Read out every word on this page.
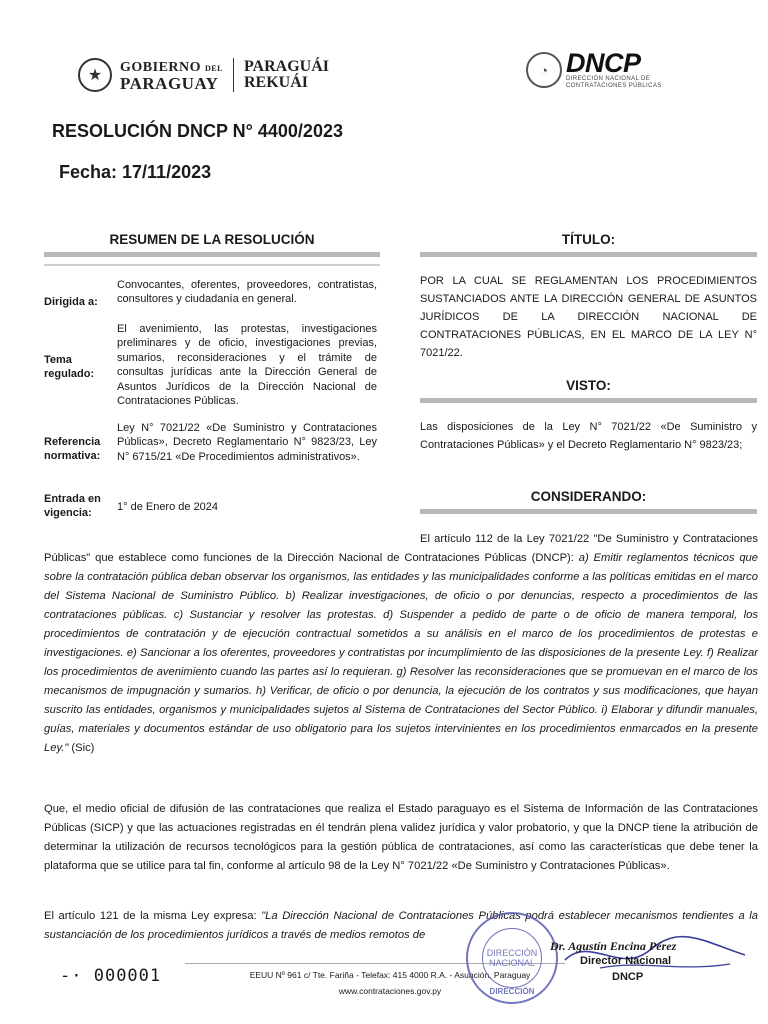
★	GOBIERNO DEL
PARAGUAY
PARAGUÁI
REKUÁI
◔ DNCP
DIRECCIÓN NACIONAL DE
CONTRATACIONES PÚBLICAS
RESOLUCIÓN DNCP N° 4400/2023
Fecha: 17/11/2023
RESUMEN DE LA RESOLUCIÓN
Dirigida a:
Convocantes, oferentes, proveedores, contratistas, consultores y ciudadanía en general.
Tema regulado:
El avenimiento, las protestas, investigaciones preliminares y de oficio, investigaciones previas, sumarios, reconsideraciones y el trámite de consultas jurídicas ante la Dirección General de Asuntos Jurídicos de la Dirección Nacional de Contrataciones Públicas.
Referencia normativa:
Ley N° 7021/22 «De Suministro y Contrataciones Públicas», Decreto Reglamentario N° 9823/23, Ley N° 6715/21 «De Procedimientos administrativos».
Entrada en vigencia:	1° de Enero de 2024
TÍTULO:
POR LA CUAL SE REGLAMENTAN LOS PROCEDIMIENTOS SUSTANCIADOS ANTE LA DIRECCIÓN GENERAL DE ASUNTOS JURÍDICOS DE LA DIRECCIÓN NACIONAL DE CONTRATACIONES PÚBLICAS, EN EL MARCO DE LA LEY N° 7021/22.
VISTO:
Las disposiciones de la Ley N° 7021/22 «De Suministro y Contrataciones Públicas» y el Decreto Reglamentario N° 9823/23;
CONSIDERANDO:
El artículo 112 de la Ley 7021/22 "De Suministro y Contrataciones Públicas" que establece como funciones de la Dirección Nacional de Contrataciones Públicas (DNCP): a) Emitir reglamentos técnicos que sobre la contratación pública deban observar los organismos, las entidades y las municipalidades conforme a las políticas emitidas en el marco del Sistema Nacional de Suministro Público. b) Realizar investigaciones, de oficio o por denuncias, respecto a procedimientos de las contrataciones públicas. c) Sustanciar y resolver las protestas. d) Suspender a pedido de parte o de oficio de manera temporal, los procedimientos de contratación y de ejecución contractual sometidos a su análisis en el marco de los procedimientos de protestas e investigaciones. e) Sancionar a los oferentes, proveedores y contratistas por incumplimiento de las disposiciones de la presente Ley. f) Realizar los procedimientos de avenimiento cuando las partes así lo requieran. g) Resolver las reconsideraciones que se promuevan en el marco de los mecanismos de impugnación y sumarios. h) Verificar, de oficio o por denuncia, la ejecución de los contratos y sus modificaciones, que hayan suscrito las entidades, organismos y municipalidades sujetos al Sistema de Contrataciones del Sector Público. i) Elaborar y difundir manuales, guías, materiales y documentos estándar de uso obligatorio para los sujetos intervinientes en los procedimientos enmarcados en la presente Ley." (Sic)
Que, el medio oficial de difusión de las contrataciones que realiza el Estado paraguayo es el Sistema de Información de las Contrataciones Públicas (SICP) y que las actuaciones registradas en él tendrán plena validez jurídica y valor probatorio, y que la DNCP tiene la atribución de determinar la utilización de recursos tecnológicos para la gestión pública de contrataciones, así como las características que debe tener la plataforma que se utilice para tal fin, conforme al artículo 98 de la Ley N° 7021/22 «De Suministro y Contrataciones Públicas».
El artículo 121 de la misma Ley expresa: "La Dirección Nacional de Contrataciones Públicas podrá establecer mecanismos tendientes a la sustanciación de los procedimientos jurídicos a través de medios remotos de
-· 000001	EEUU Nº 961 c/ Tte. Fariña - Telefax: 415 4000 R.A. - Asunción, Paraguay
www.contrataciones.gov.py
DIRECCIÓN NACIONAL
DIRECCIÓN
Dr. Agustín Encina Pérez
Director Nacional
DNCP
